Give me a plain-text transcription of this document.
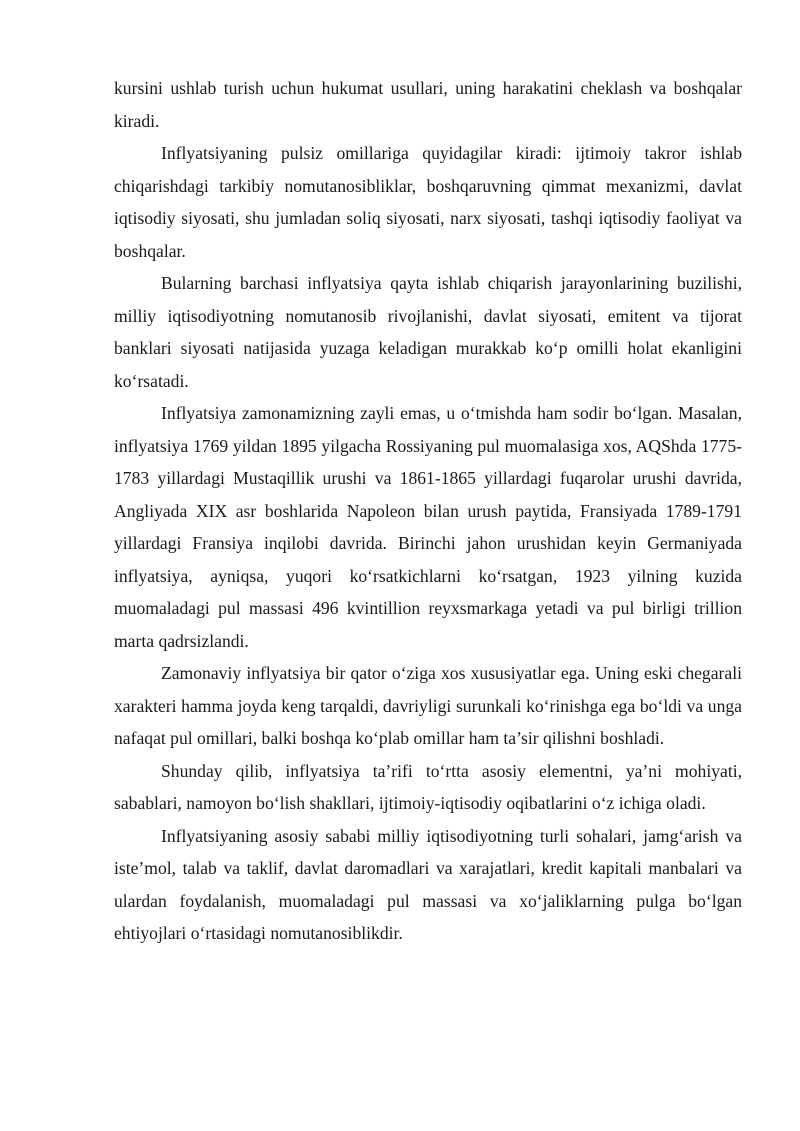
kursini ushlab turish uchun hukumat usullari, uning harakatini cheklash va boshqalar kiradi.

Inflyatsiyaning pulsiz omillariga quyidagilar kiradi: ijtimoiy takror ishlab chiqarishdagi tarkibiy nomutanosibliklar, boshqaruvning qimmat mexanizmi, davlat iqtisodiy siyosati, shu jumladan soliq siyosati, narx siyosati, tashqi iqtisodiy faoliyat va boshqalar.

Bularning barchasi inflyatsiya qayta ishlab chiqarish jarayonlarining buzilishi, milliy iqtisodiyotning nomutanosib rivojlanishi, davlat siyosati, emitent va tijorat banklari siyosati natijasida yuzaga keladigan murakkab ko‘p omilli holat ekanligini ko‘rsatadi.

Inflyatsiya zamonamizning zayli emas, u o‘tmishda ham sodir bo‘lgan. Masalan, inflyatsiya 1769 yildan 1895 yilgacha Rossiyaning pul muomalasiga xos, AQShda 1775-1783 yillardagi Mustaqillik urushi va 1861-1865 yillardagi fuqarolar urushi davrida, Angliyada XIX asr boshlarida Napoleon bilan urush paytida, Fransiyada 1789-1791 yillardagi Fransiya inqilobi davrida. Birinchi jahon urushidan keyin Germaniyada inflyatsiya, ayniqsa, yuqori ko‘rsatkichlarni ko‘rsatgan, 1923 yilning kuzida muomaladagi pul massasi 496 kvintillion reyxsmarkaga yetadi va pul birligi trillion marta qadrsizlandi.

Zamonaviy inflyatsiya bir qator o‘ziga xos xususiyatlar ega. Uning eski chegarali xarakteri hamma joyda keng tarqaldi, davriyligi surunkali ko‘rinishga ega bo‘ldi va unga nafaqat pul omillari, balki boshqa ko‘plab omillar ham ta’sir qilishni boshladi.

Shunday qilib, inflyatsiya ta’rifi to‘rtta asosiy elementni, ya’ni mohiyati, sabablari, namoyon bo‘lish shakllari, ijtimoiy-iqtisodiy oqibatlarini o‘z ichiga oladi.

Inflyatsiyaning asosiy sababi milliy iqtisodiyotning turli sohalari, jamg‘arish va iste’mol, talab va taklif, davlat daromadlari va xarajatlari, kredit kapitali manbalari va ulardan foydalanish, muomaladagi pul massasi va xo‘jaliklarning pulga bo‘lgan ehtiyojlari o‘rtasidagi nomutanosiblikdir.
